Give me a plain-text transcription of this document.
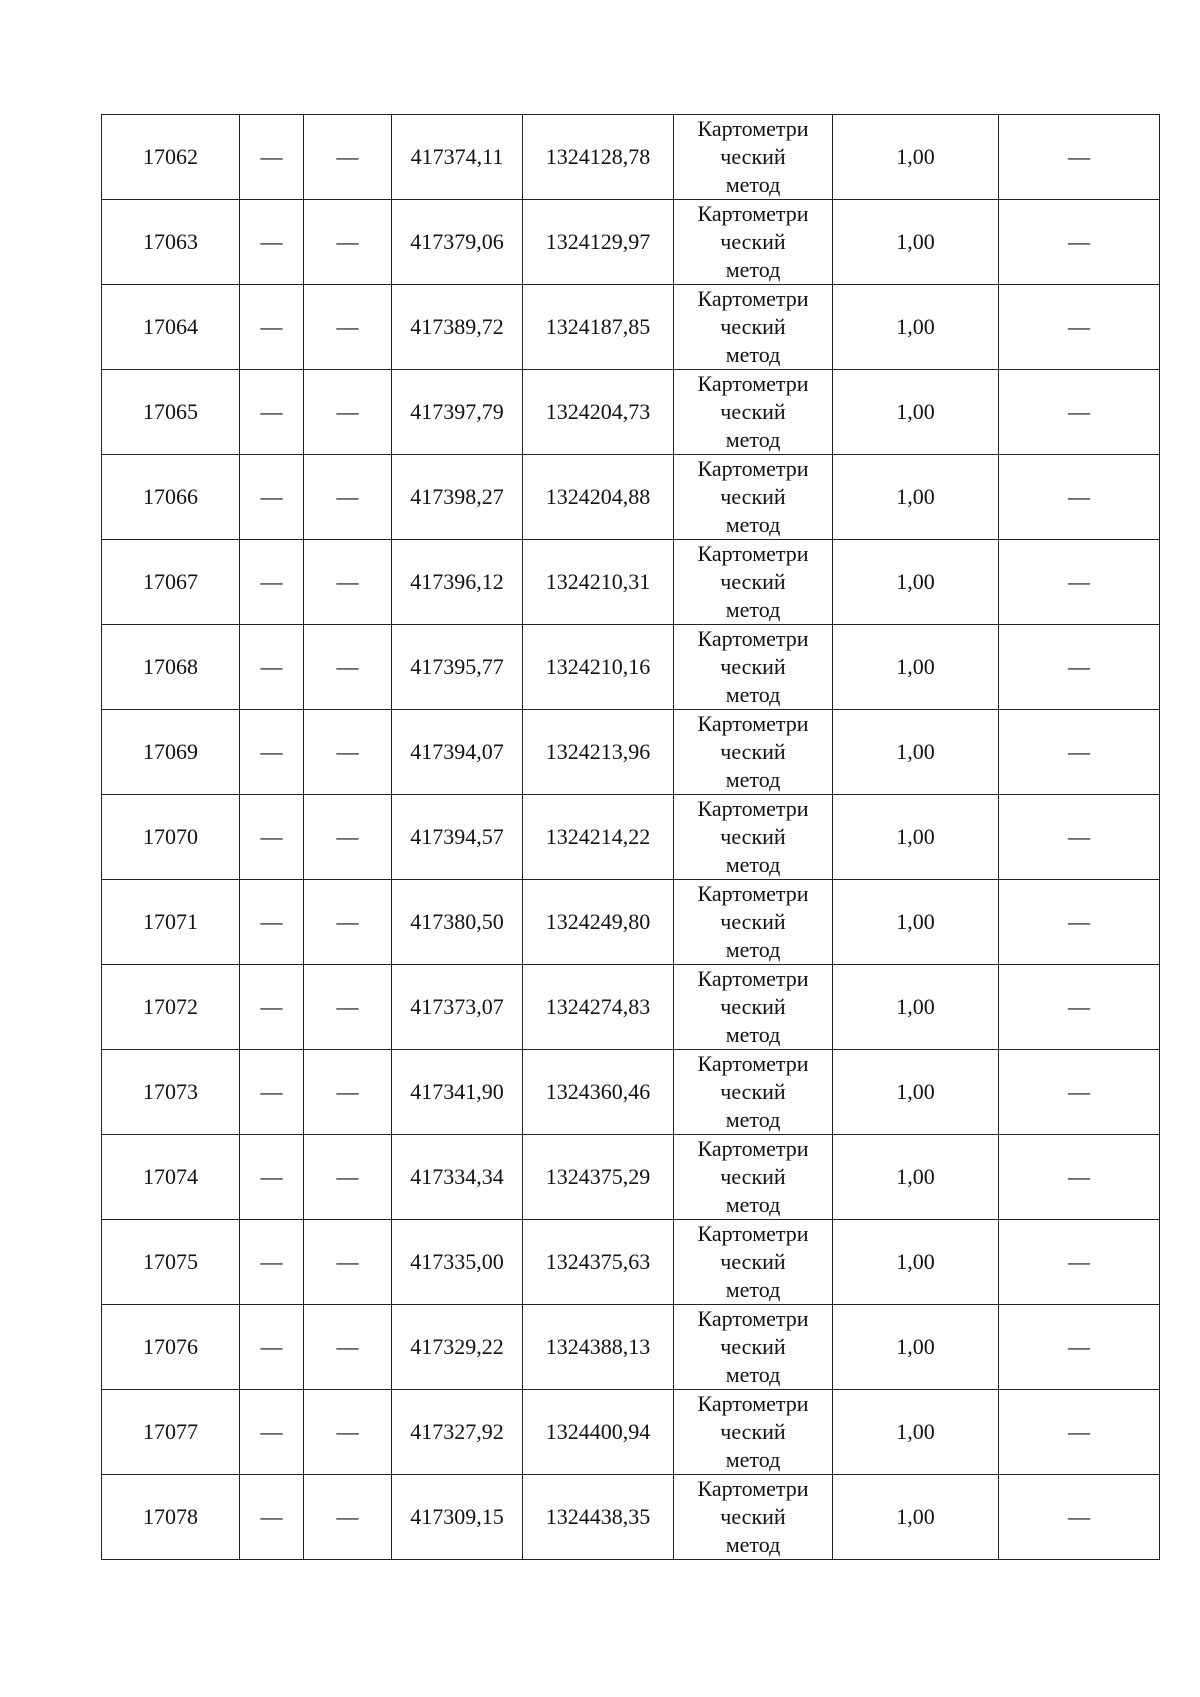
17062	—	—	417374,11	1324128,78	Картометри
ческий
метод	1,00	—
17063	—	—	417379,06	1324129,97	Картометри
ческий
метод	1,00	—
17064	—	—	417389,72	1324187,85	Картометри
ческий
метод	1,00	—
17065	—	—	417397,79	1324204,73	Картометри
ческий
метод	1,00	—
17066	—	—	417398,27	1324204,88	Картометри
ческий
метод	1,00	—
17067	—	—	417396,12	1324210,31	Картометри
ческий
метод	1,00	—
17068	—	—	417395,77	1324210,16	Картометри
ческий
метод	1,00	—
17069	—	—	417394,07	1324213,96	Картометри
ческий
метод	1,00	—
17070	—	—	417394,57	1324214,22	Картометри
ческий
метод	1,00	—
17071	—	—	417380,50	1324249,80	Картометри
ческий
метод	1,00	—
17072	—	—	417373,07	1324274,83	Картометри
ческий
метод	1,00	—
17073	—	—	417341,90	1324360,46	Картометри
ческий
метод	1,00	—
17074	—	—	417334,34	1324375,29	Картометри
ческий
метод	1,00	—
17075	—	—	417335,00	1324375,63	Картометри
ческий
метод	1,00	—
17076	—	—	417329,22	1324388,13	Картометри
ческий
метод	1,00	—
17077	—	—	417327,92	1324400,94	Картометри
ческий
метод	1,00	—
17078	—	—	417309,15	1324438,35	Картометри
ческий
метод	1,00	—
